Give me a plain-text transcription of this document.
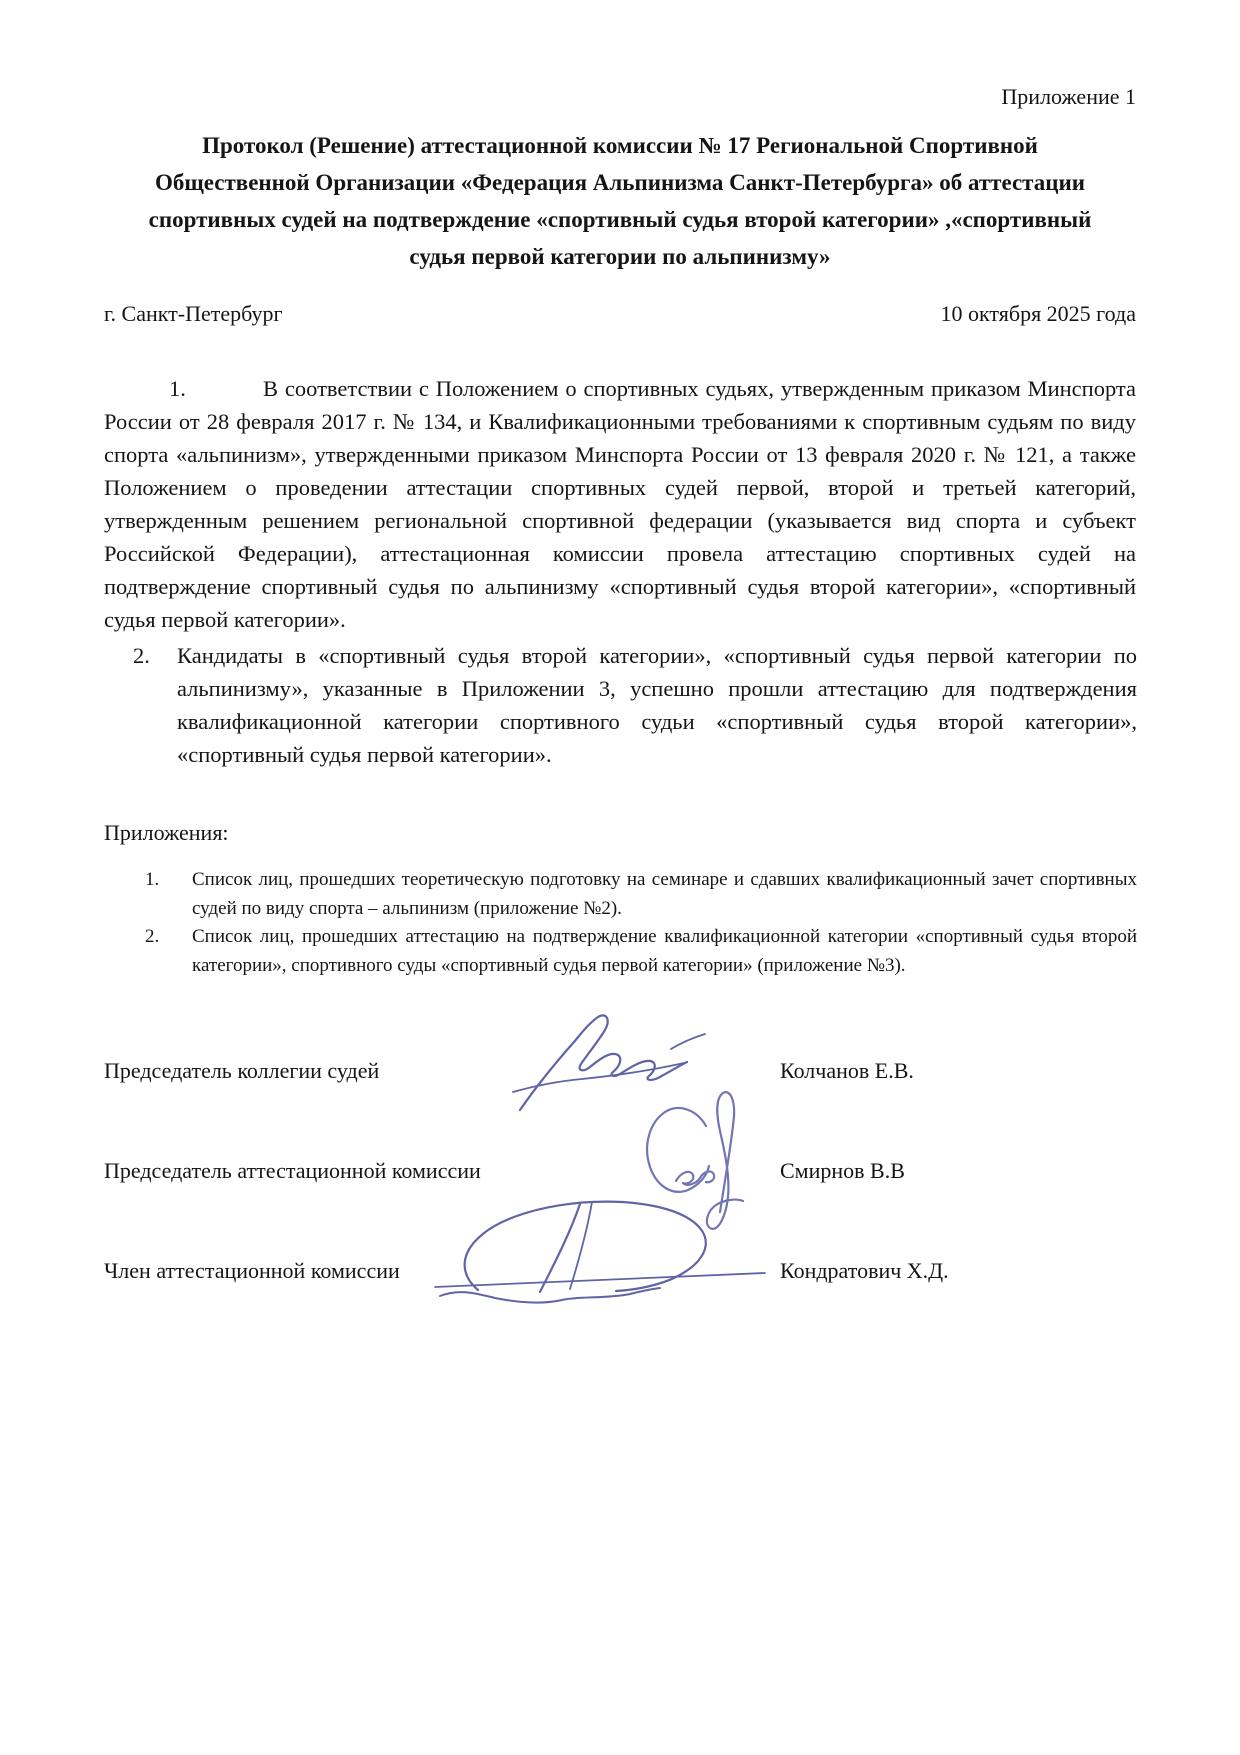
Приложение 1
Протокол (Решение) аттестационной комиссии № 17 Региональной Спортивной
Общественной Организации «Федерация Альпинизма Санкт-Петербурга» об аттестации
спортивных судей на подтверждение «спортивный судья второй категории» ,«спортивный
судья первой категории по альпинизму»
г. Санкт-Петербург	10 октября 2025 года

1.	В соответствии с Положением о спортивных судьях, утвержденным приказом Минспорта России от 28 февраля 2017 г. № 134, и Квалификационными требованиями к спортивным судьям по виду спорта «альпинизм», утвержденными приказом Минспорта России от 13 февраля 2020 г. № 121, а также Положением о проведении аттестации спортивных судей первой, второй и третьей категорий, утвержденным решением региональной спортивной федерации (указывается вид спорта и субъект Российской Федерации), аттестационная комиссии провела аттестацию спортивных судей на подтверждение спортивный судья по альпинизму «спортивный судья второй категории», «спортивный судья первой категории».

2. Кандидаты в «спортивный судья второй категории», «спортивный судья первой категории по альпинизму», указанные в Приложении 3, успешно прошли аттестацию для подтверждения квалификационной категории спортивного судьи «спортивный судья второй категории», «спортивный судья первой категории».

Приложения:
1. Список лиц, прошедших теоретическую подготовку на семинаре и сдавших квалификационный зачет спортивных судей по виду спорта – альпинизм (приложение №2).
2. Список лиц, прошедших аттестацию на подтверждение квалификационной категории «спортивный судья второй категории», спортивного суды «спортивный судья первой категории» (приложение №3).
Председатель коллегии судей	Колчанов Е.В.
Председатель аттестационной комиссии	Смирнов В.В
Член аттестационной комиссии	Кондратович Х.Д.
